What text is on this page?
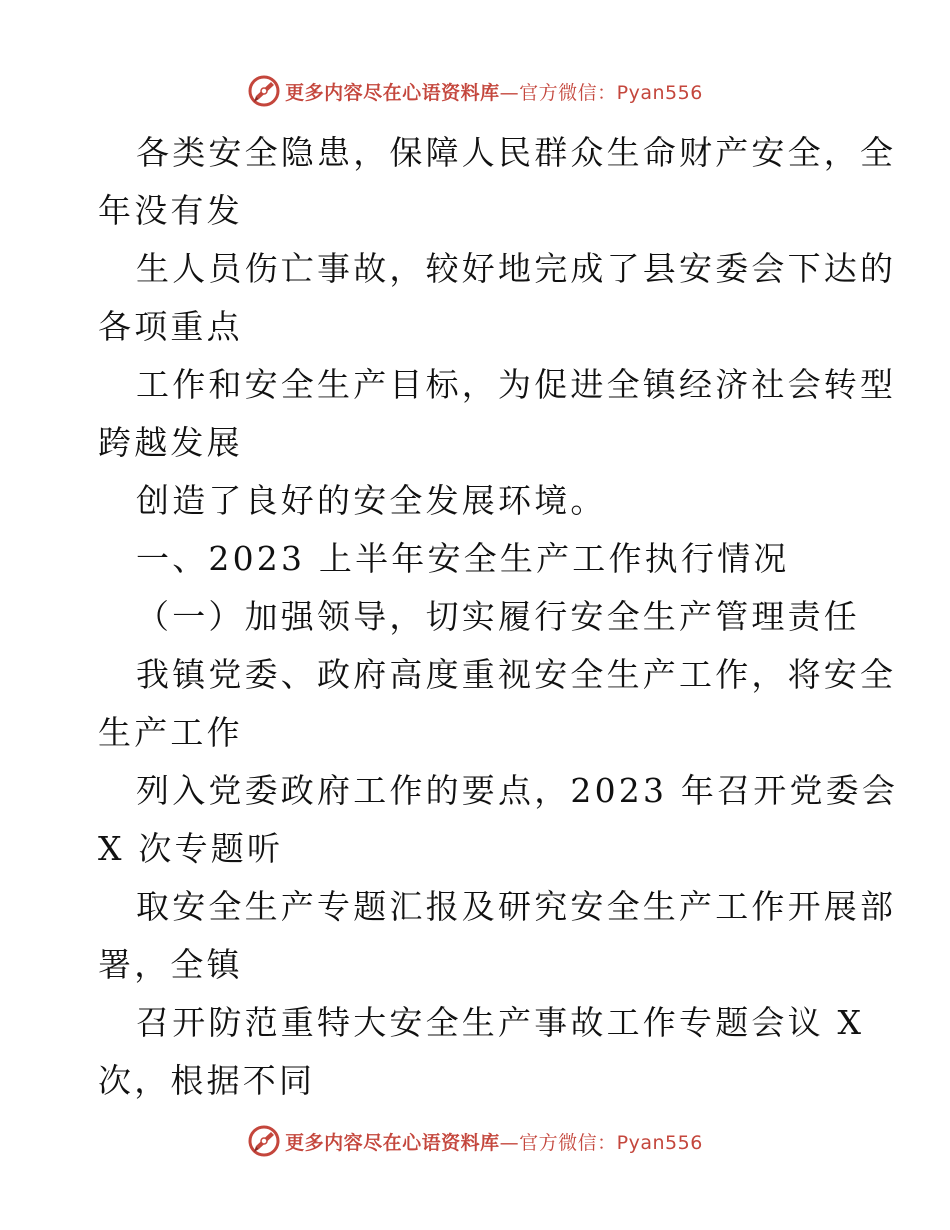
更多内容尽在心语资料库—官方微信：Pyan556
各类安全隐患，保障人民群众生命财产安全，全
年没有发
生人员伤亡事故，较好地完成了县安委会下达的
各项重点
工作和安全生产目标，为促进全镇经济社会转型
跨越发展
创造了良好的安全发展环境。
一、2023 上半年安全生产工作执行情况
（一）加强领导，切实履行安全生产管理责任
我镇党委、政府高度重视安全生产工作，将安全
生产工作
列入党委政府工作的要点，2023 年召开党委会
X 次专题听
取安全生产专题汇报及研究安全生产工作开展部
署，全镇
召开防范重特大安全生产事故工作专题会议 X
次，根据不同
更多内容尽在心语资料库—官方微信：Pyan556
